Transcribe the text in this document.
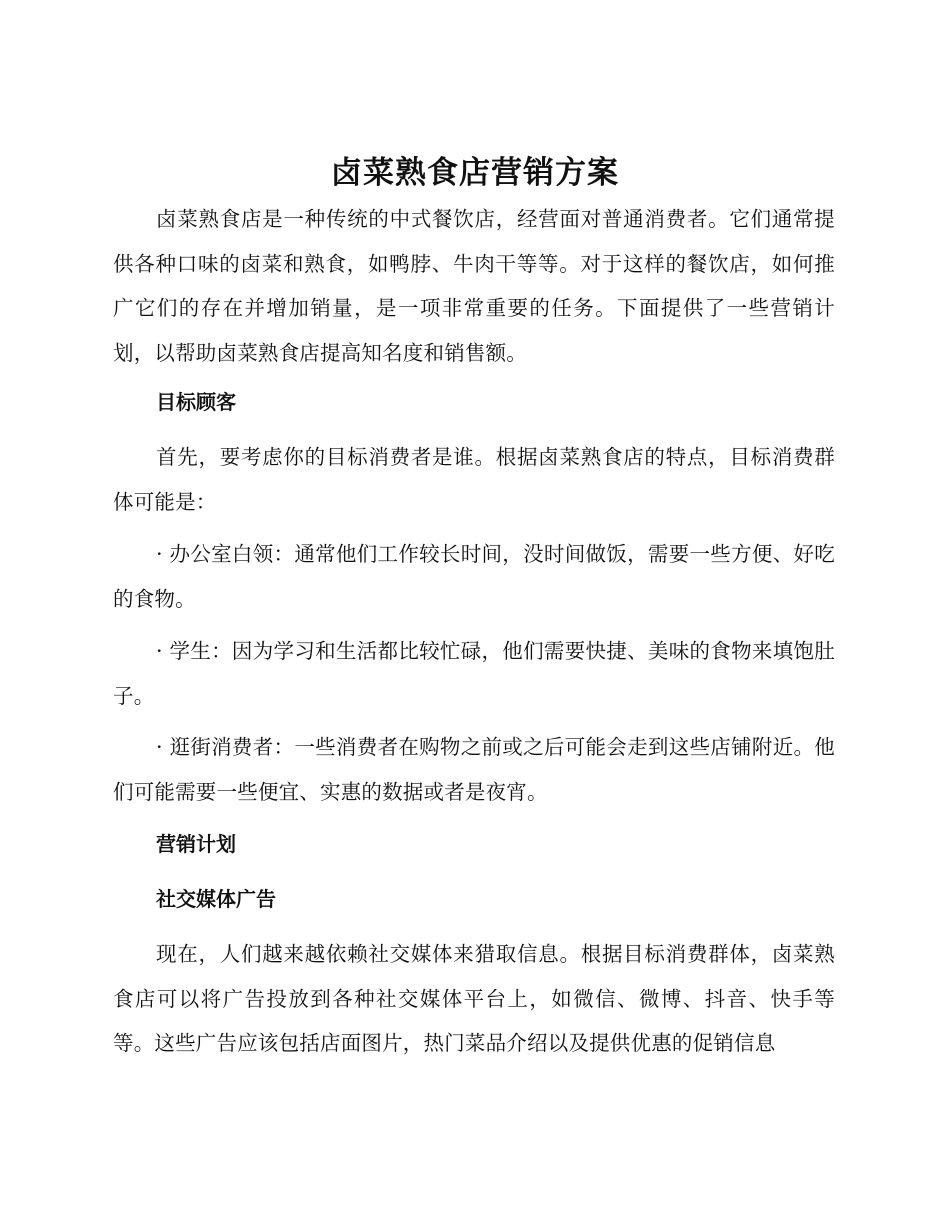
卤菜熟食店营销方案

卤菜熟食店是一种传统的中式餐饮店，经营面对普通消费者。它们通常提供各种口味的卤菜和熟食，如鸭脖、牛肉干等等。对于这样的餐饮店，如何推广它们的存在并增加销量，是一项非常重要的任务。下面提供了一些营销计划，以帮助卤菜熟食店提高知名度和销售额。

目标顾客

首先，要考虑你的目标消费者是谁。根据卤菜熟食店的特点，目标消费群体可能是：

· 办公室白领：通常他们工作较长时间，没时间做饭，需要一些方便、好吃的食物。

· 学生：因为学习和生活都比较忙碌，他们需要快捷、美味的食物来填饱肚子。

· 逛街消费者：一些消费者在购物之前或之后可能会走到这些店铺附近。他们可能需要一些便宜、实惠的数据或者是夜宵。

营销计划
社交媒体广告

现在，人们越来越依赖社交媒体来猎取信息。根据目标消费群体，卤菜熟食店可以将广告投放到各种社交媒体平台上，如微信、微博、抖音、快手等等。这些广告应该包括店面图片，热门菜品介绍以及提供优惠的促销信息
